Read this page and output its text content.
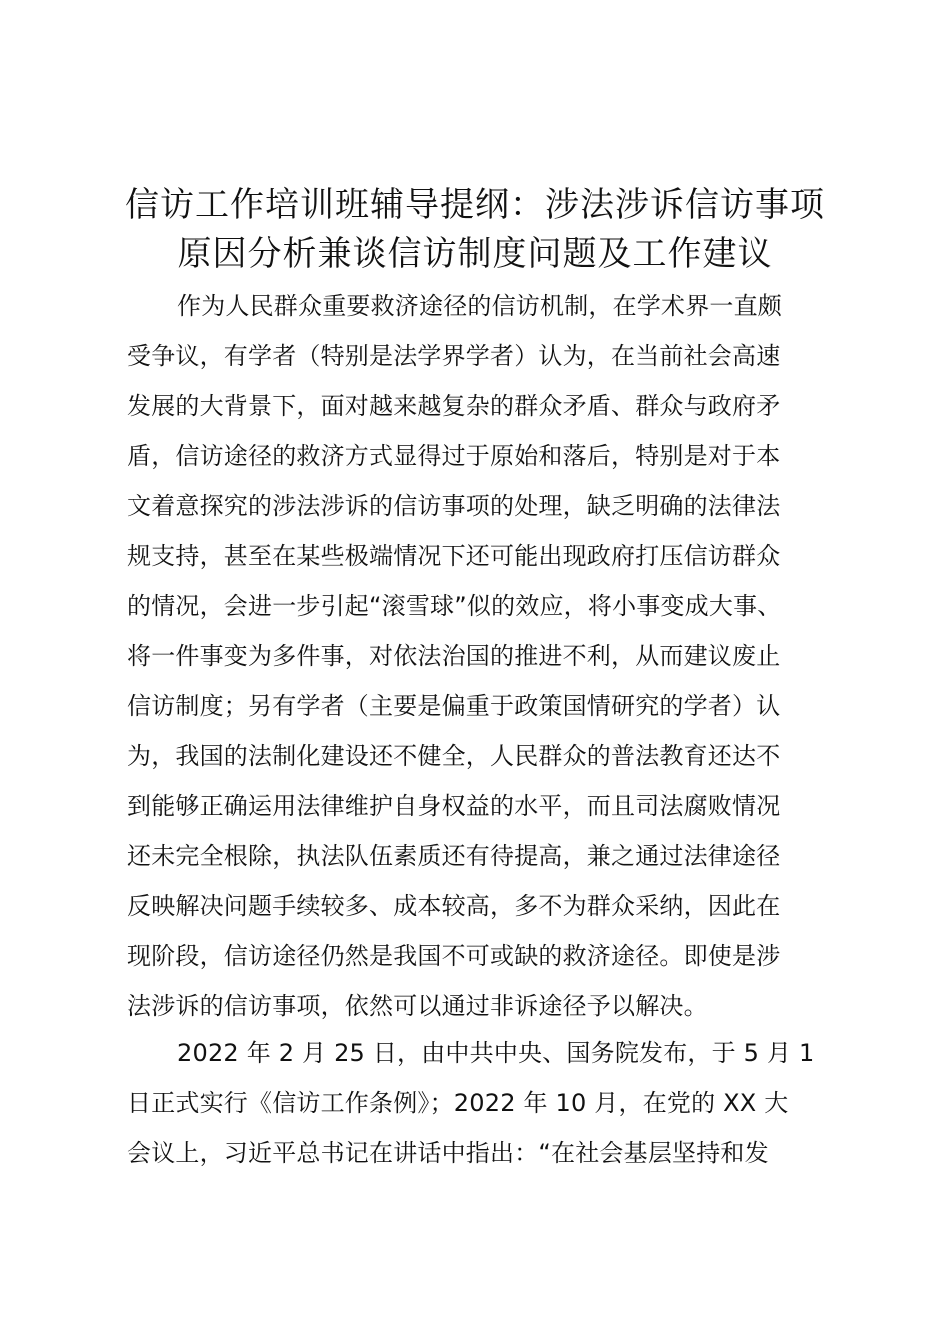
信访工作培训班辅导提纲：涉法涉诉信访事项
原因分析兼谈信访制度问题及工作建议
作为人民群众重要救济途径的信访机制，在学术界一直颇
受争议，有学者（特别是法学界学者）认为，在当前社会高速
发展的大背景下，面对越来越复杂的群众矛盾、群众与政府矛
盾，信访途径的救济方式显得过于原始和落后，特别是对于本
文着意探究的涉法涉诉的信访事项的处理，缺乏明确的法律法
规支持，甚至在某些极端情况下还可能出现政府打压信访群众
的情况，会进一步引起“滚雪球”似的效应，将小事变成大事、
将一件事变为多件事，对依法治国的推进不利，从而建议废止
信访制度；另有学者（主要是偏重于政策国情研究的学者）认
为，我国的法制化建设还不健全，人民群众的普法教育还达不
到能够正确运用法律维护自身权益的水平，而且司法腐败情况
还未完全根除，执法队伍素质还有待提高，兼之通过法律途径
反映解决问题手续较多、成本较高，多不为群众采纳，因此在
现阶段，信访途径仍然是我国不可或缺的救济途径。即使是涉
法涉诉的信访事项，依然可以通过非诉途径予以解决。
2022 年 2 月 25 日，由中共中央、国务院发布，于 5 月 1
日正式实行《信访工作条例》；2022 年 10 月，在党的 XX 大
会议上，习近平总书记在讲话中指出：“在社会基层坚持和发
